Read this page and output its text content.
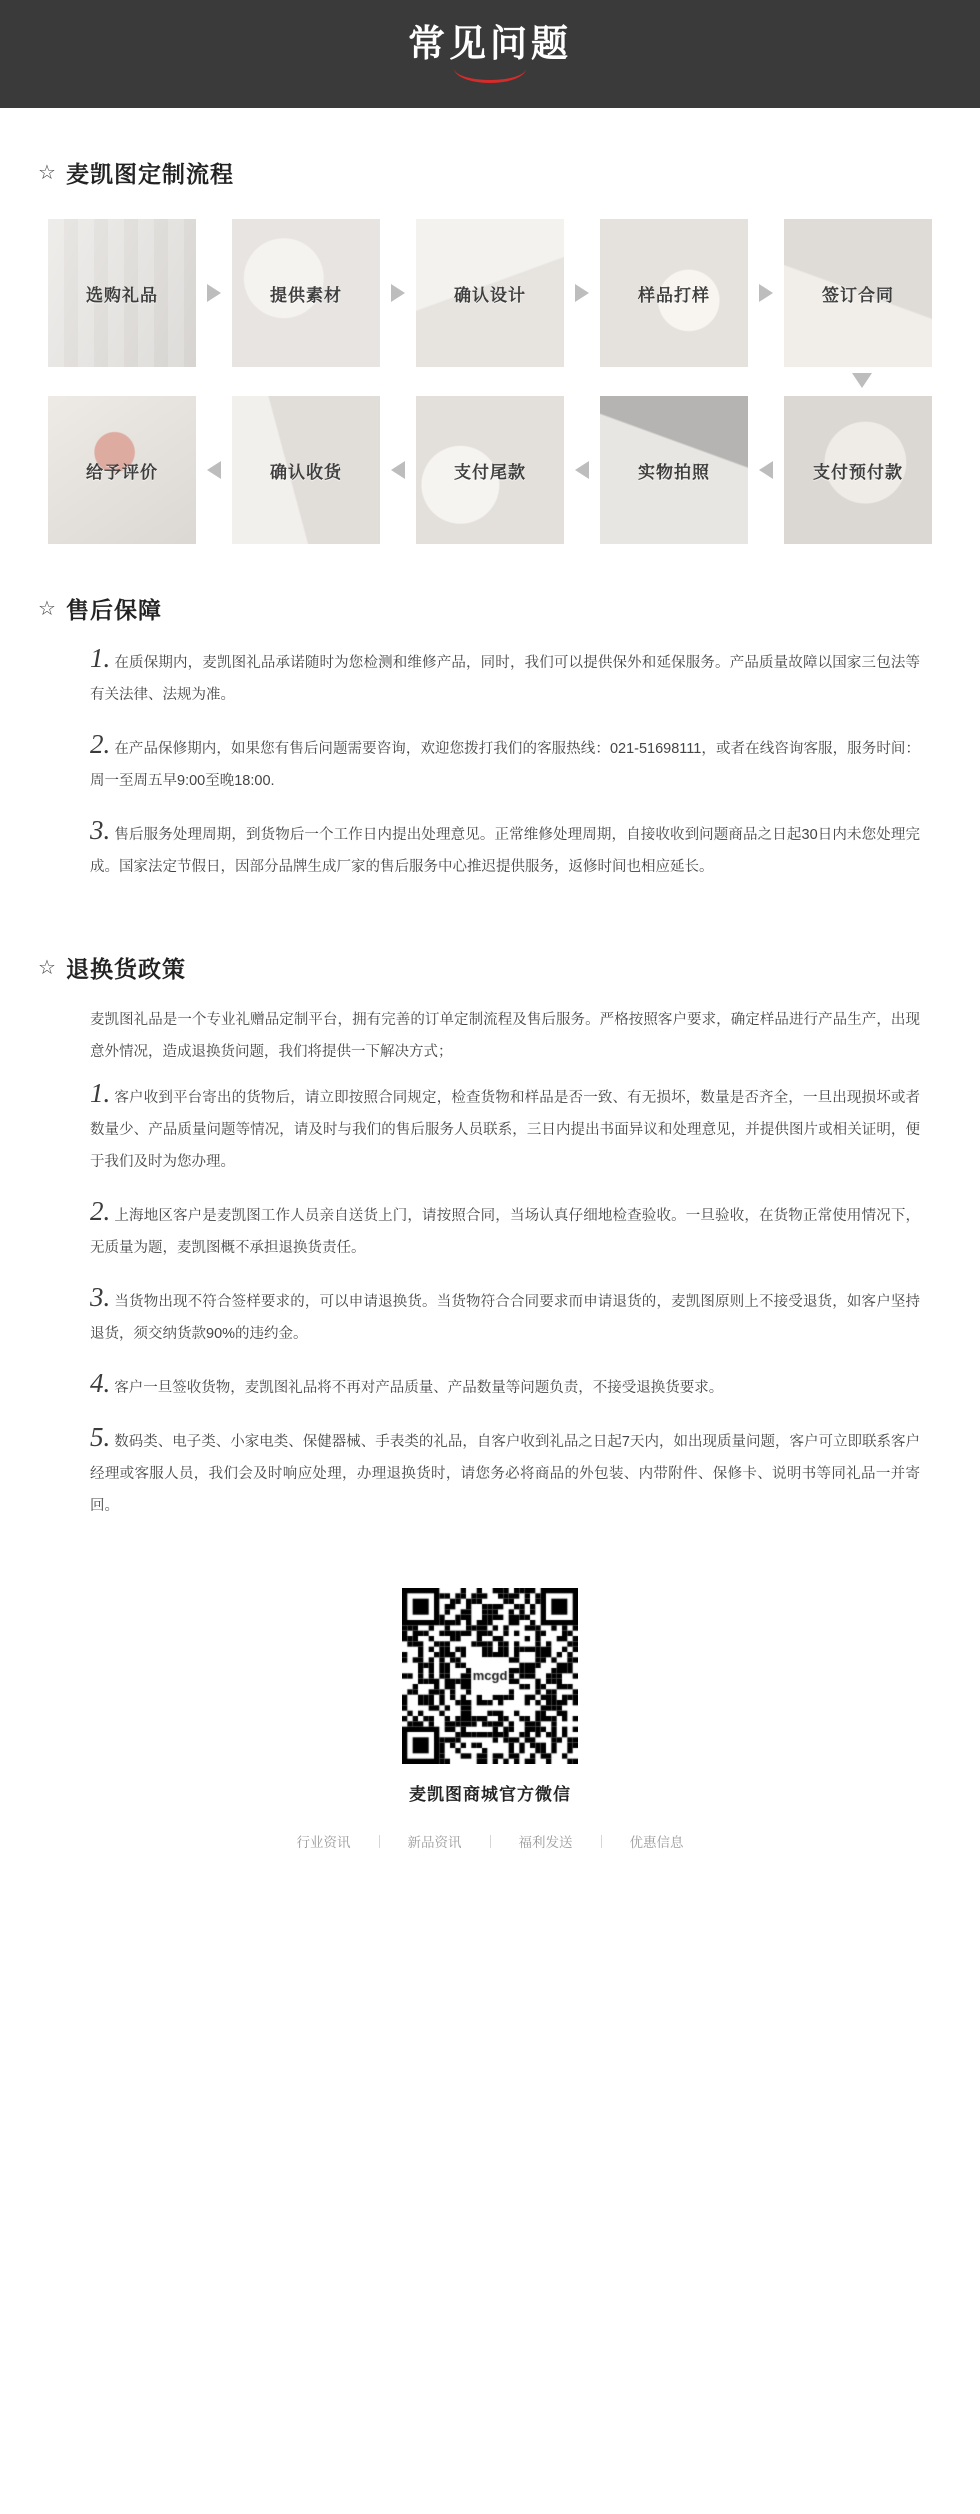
常见问题
☆ 麦凯图定制流程
选购礼品	提供素材	确认设计	样品打样	签订合同
给予评价	确认收货	支付尾款	实物拍照	支付预付款
☆ 售后保障

1. 在质保期内，麦凯图礼品承诺随时为您检测和维修产品，同时，我们可以提供保外和延保服务。产品质量故障以国家三包法等有关法律、法规为准。

2. 在产品保修期内，如果您有售后问题需要咨询，欢迎您拨打我们的客服热线：021-51698111，或者在线咨询客服，服务时间：周一至周五早9:00至晚18:00.

3. 售后服务处理周期，到货物后一个工作日内提出处理意见。正常维修处理周期，自接收收到问题商品之日起30日内未您处理完成。国家法定节假日，因部分品牌生成厂家的售后服务中心推迟提供服务，返修时间也相应延长。

☆ 退换货政策

麦凯图礼品是一个专业礼赠品定制平台，拥有完善的订单定制流程及售后服务。严格按照客户要求，确定样品进行产品生产，出现意外情况，造成退换货问题，我们将提供一下解决方式；

1. 客户收到平台寄出的货物后，请立即按照合同规定，检查货物和样品是否一致、有无损坏，数量是否齐全，一旦出现损坏或者数量少、产品质量问题等情况，请及时与我们的售后服务人员联系，三日内提出书面异议和处理意见，并提供图片或相关证明，便于我们及时为您办理。

2. 上海地区客户是麦凯图工作人员亲自送货上门，请按照合同，当场认真仔细地检查验收。一旦验收，在货物正常使用情况下，无质量为题，麦凯图概不承担退换货责任。

3. 当货物出现不符合签样要求的，可以申请退换货。当货物符合合同要求而申请退货的，麦凯图原则上不接受退货，如客户坚持退货，须交纳货款90%的违约金。

4. 客户一旦签收货物，麦凯图礼品将不再对产品质量、产品数量等问题负责，不接受退换货要求。

5. 数码类、电子类、小家电类、保健器械、手表类的礼品，自客户收到礼品之日起7天内，如出现质量问题，客户可立即联系客户经理或客服人员，我们会及时响应处理，办理退换货时，请您务必将商品的外包装、内带附件、保修卡、说明书等同礼品一并寄回。

麦凯图商城官方微信
行业资讯	新品资讯	福利发送	优惠信息
